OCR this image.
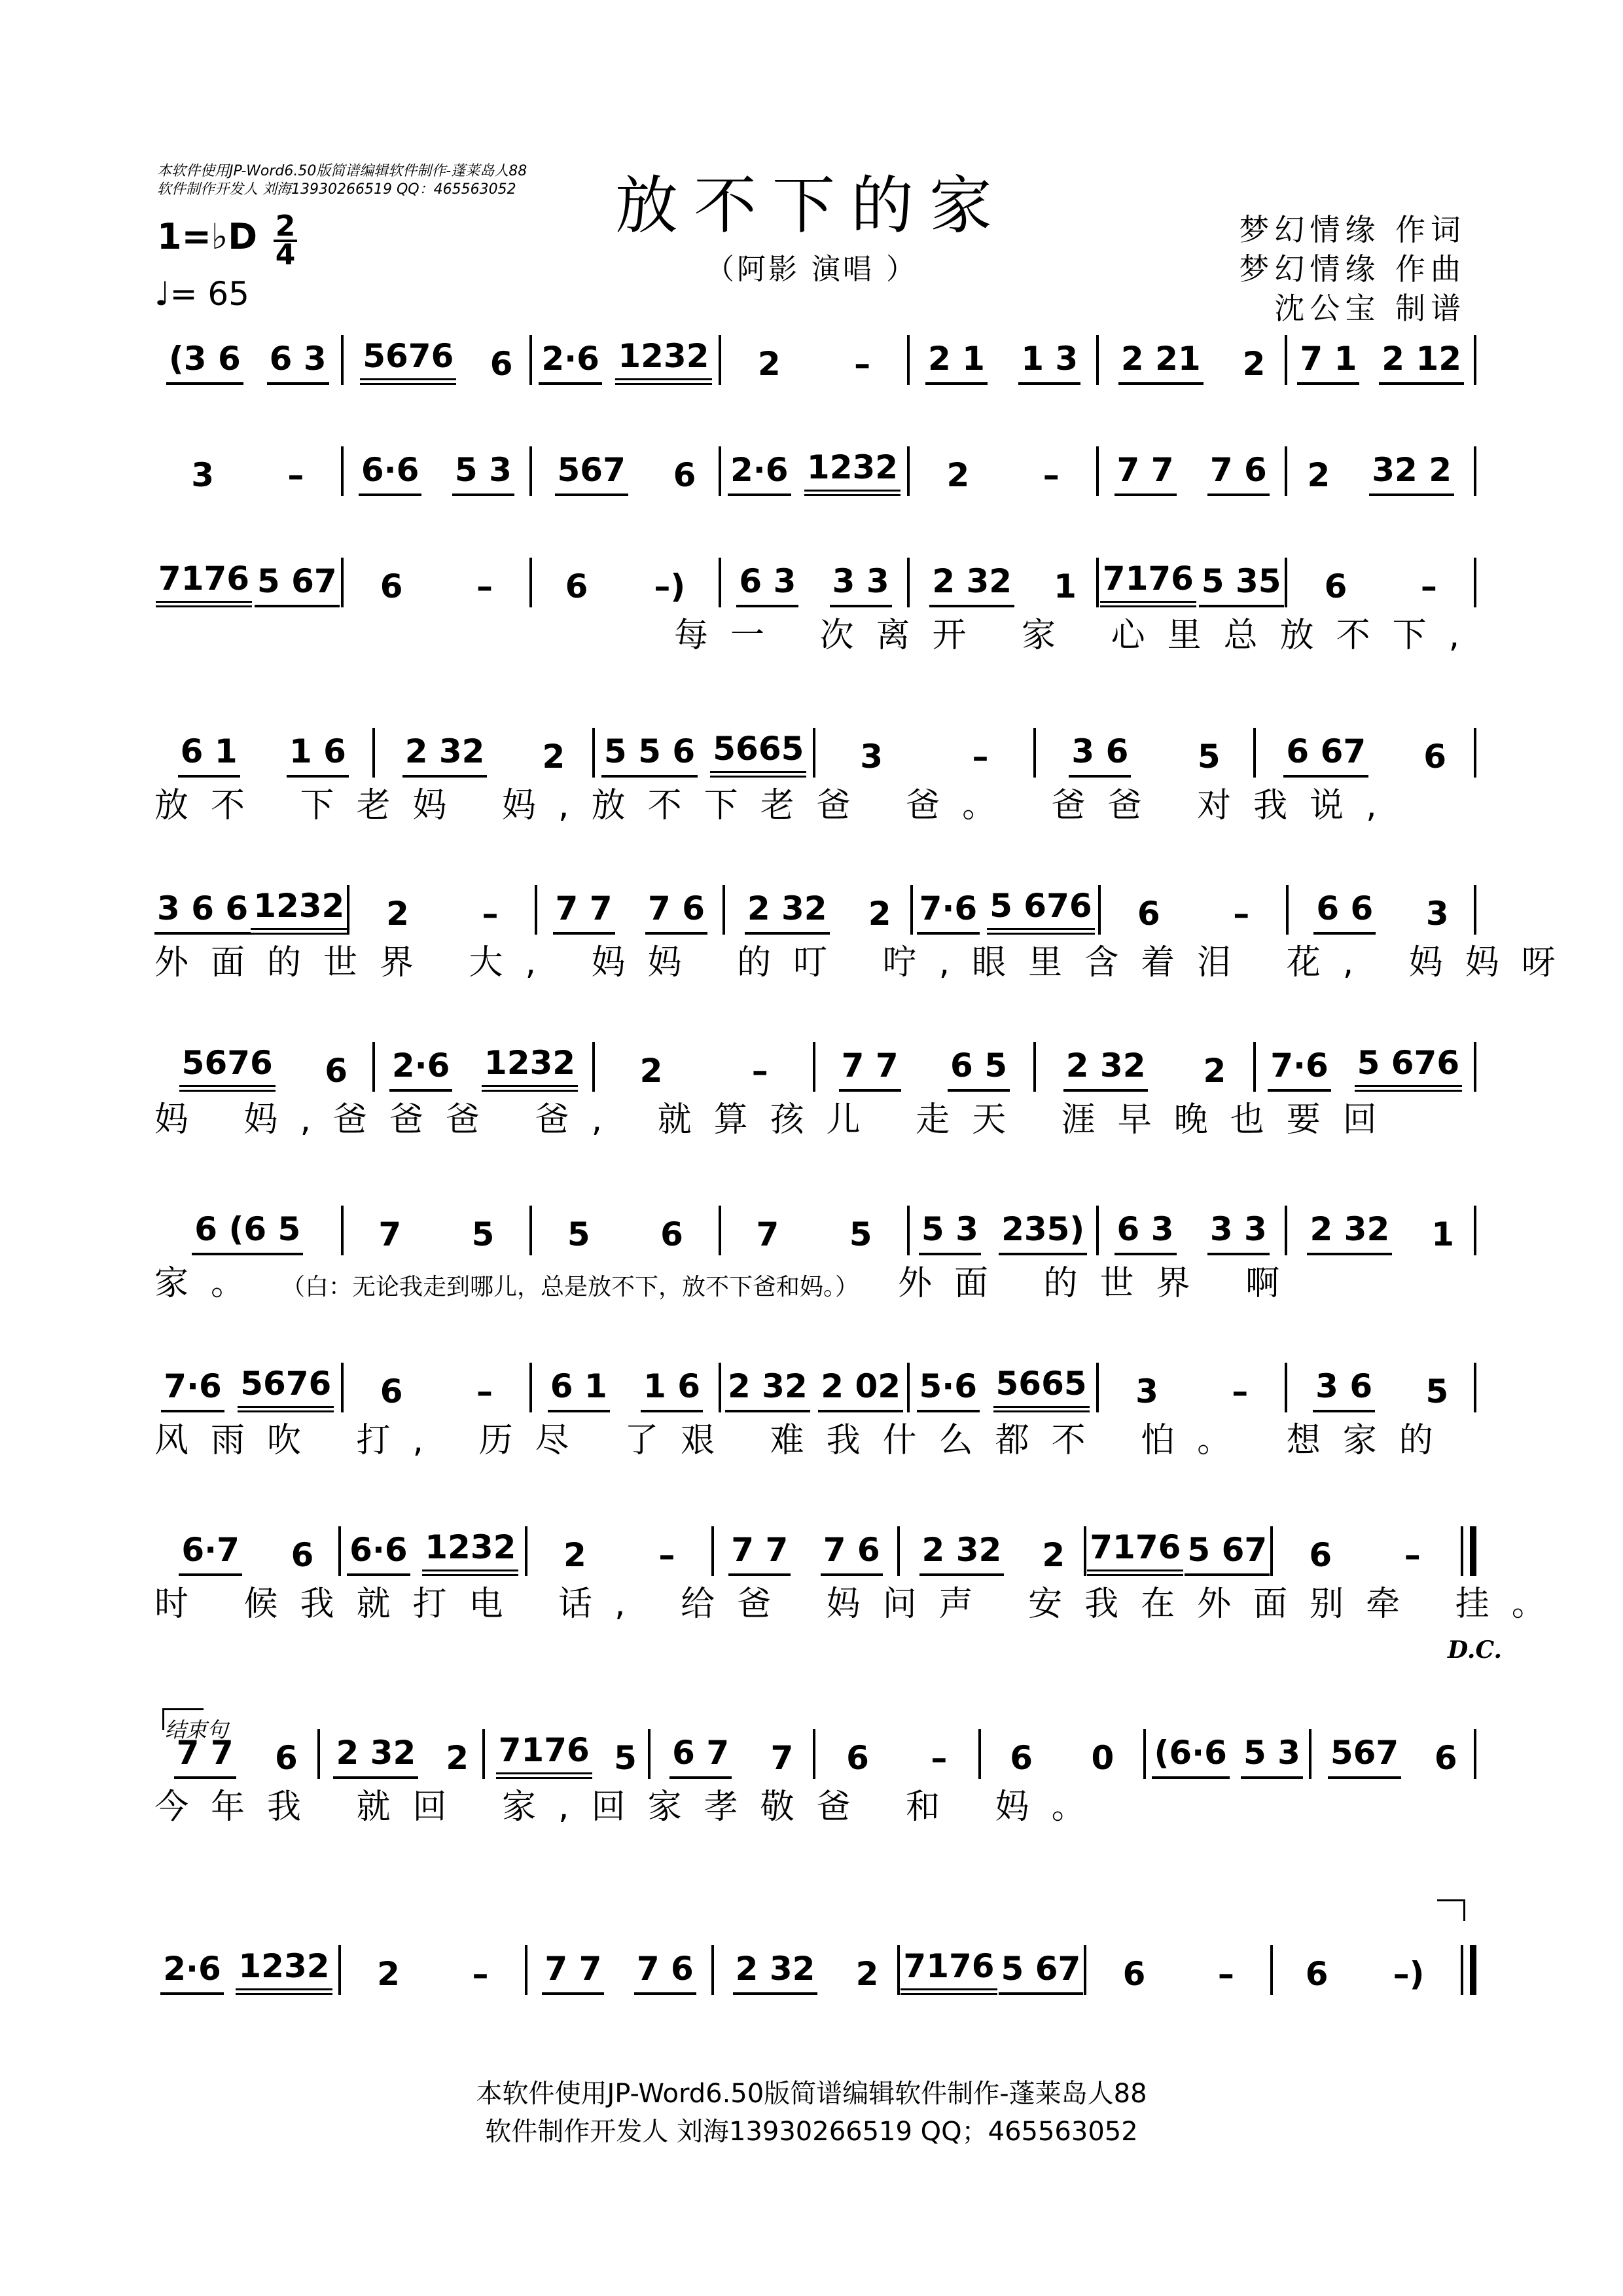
本软件使用JP-Word6.50版简谱编辑软件制作-蓬莱岛人88
软件制作开发人 刘海13930266519 QQ：465563052	放不下的家
（阿影 演唱 ）
梦幻情缘 作词
梦幻情缘 作曲
沈公宝 制谱
1=♭D 2
4
♩= 65
(3 6 6 3 5676 6 2·6 1232 2 – 2 1 1 3 2 21 2 7 1 2 12
3 – 6·6 5 3 567 6 2·6 1232 2 – 7 7 7 6 2 32 2
7176 5 67 6 – 6 –) 6 3 3 3 2 32 1 7176 5 35 6 –
每一 次离开 家 心里总放不下,
6 1 1 6 2 32 2 5 5 6 5665 3	–	3 6 5 6 67 6
放不 下老妈 妈,放不下老爸 爸。 爸爸 对我说,
3 6 6 1232 2 – 7 7 7 6 2 32 2 7·6 5 676 6 – 6 6 3
外面的世界 大, 妈妈 的叮 咛,眼里含着泪 花, 妈妈呀
5676 6 2·6 1232 2	– 7 7 6 5 2 32 2 7·6 5 676
妈 妈,爸爸爸 爸, 就算孩儿 走天 涯早晚也要回
6 (6 5 7 5 5 6 7 5 5 3 235) 6 3 3 3 2 32 1
家。 （白：无论我走到哪儿，总是放不下，放不下爸和妈。） 外面 的世界 啊
7·6 5676 6 – 6 1 1 6 2 32 2 02 5·6 5665 3 – 3 6 5
风雨吹 打, 历尽 了艰 难我什么都不 怕。 想家的
6·7 6 6·6 1232 2 – 7 7 7 6 2 32 2 7176 5 67 6 –
时 候我就打电 话, 给爸 妈问声 安我在外面别牵 挂。
7 7 6 2 32 2 7176 5 6 7 7 6 – 6 0 (6·6 5 3 567 6
今年我 就回 家,回家孝敬爸 和 妈。
2·6 1232 2 – 7 7 7 6 2 32 2 7176 5 67 6 – 6 –)
结束句
D.C.
本软件使用JP-Word6.50版简谱编辑软件制作-蓬莱岛人88
软件制作开发人 刘海13930266519 QQ；465563052
